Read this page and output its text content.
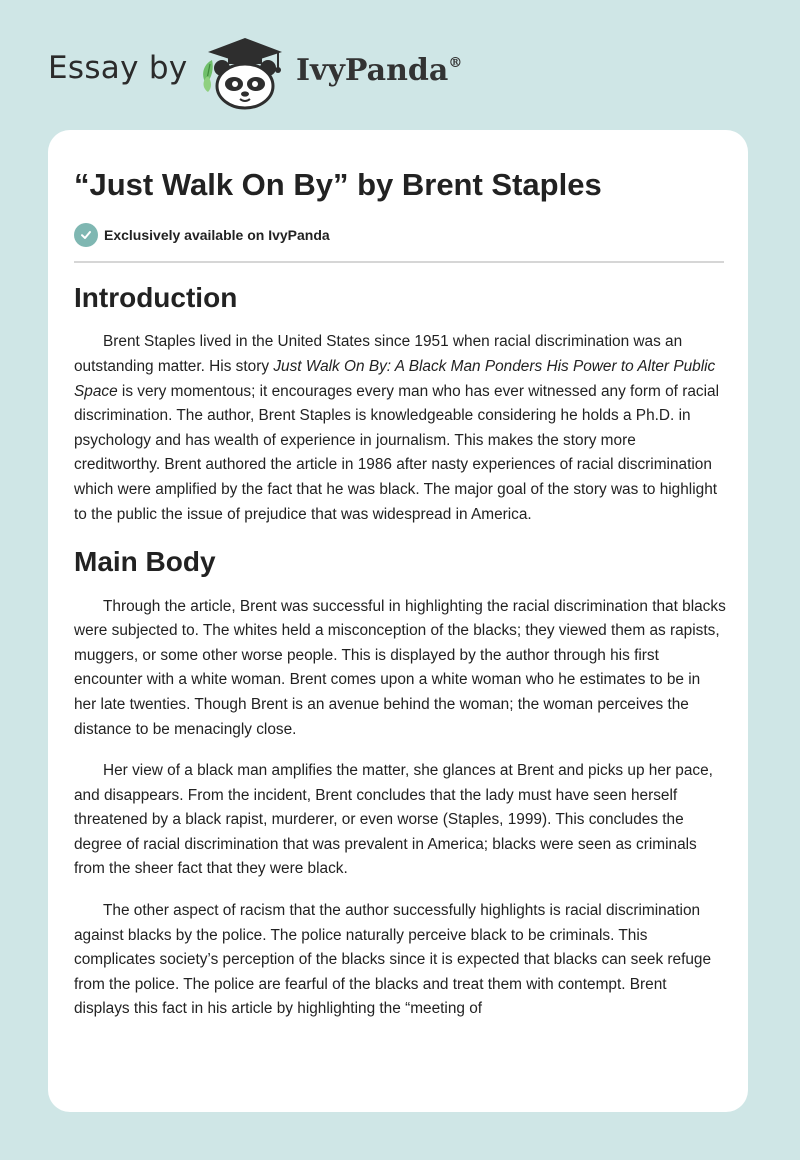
Essay by	IvyPanda®
“Just Walk On By” by Brent Staples
Exclusively available on IvyPanda
Introduction

Brent Staples lived in the United States since 1951 when racial discrimination was an outstanding matter. His story Just Walk On By: A Black Man Ponders His Power to Alter Public Space is very momentous; it encourages every man who has ever witnessed any form of racial discrimination. The author, Brent Staples is knowledgeable considering he holds a Ph.D. in psychology and has wealth of experience in journalism. This makes the story more creditworthy. Brent authored the article in 1986 after nasty experiences of racial discrimination which were amplified by the fact that he was black. The major goal of the story was to highlight to the public the issue of prejudice that was widespread in America.

Main Body

Through the article, Brent was successful in highlighting the racial discrimination that blacks were subjected to. The whites held a misconception of the blacks; they viewed them as rapists, muggers, or some other worse people. This is displayed by the author through his first encounter with a white woman. Brent comes upon a white woman who he estimates to be in her late twenties. Though Brent is an avenue behind the woman; the woman perceives the distance to be menacingly close.

Her view of a black man amplifies the matter, she glances at Brent and picks up her pace, and disappears. From the incident, Brent concludes that the lady must have seen herself threatened by a black rapist, murderer, or even worse (Staples, 1999). This concludes the degree of racial discrimination that was prevalent in America; blacks were seen as criminals from the sheer fact that they were black.

The other aspect of racism that the author successfully highlights is racial discrimination against blacks by the police. The police naturally perceive black to be criminals. This complicates society’s perception of the blacks since it is expected that blacks can seek refuge from the police. The police are fearful of the blacks and treat them with contempt. Brent displays this fact in his article by highlighting the “meeting of
